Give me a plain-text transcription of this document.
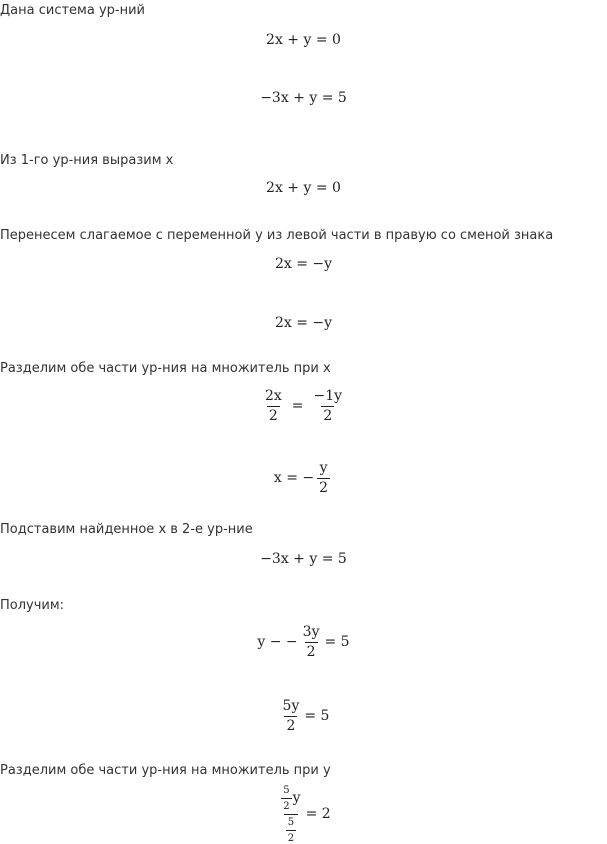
Дана система ур-ний
2x + y = 0
−3x + y = 5
Из 1-го ур-ния выразим x
2x + y = 0
Перенесем слагаемое с переменной y из левой части в правую со сменой знака
2x = −y
2x = −y
Разделим обе части ур-ния на множитель при x
$\frac{2x}{2} = \frac{-1y}{2}$
x = − $\frac{y}{2}$
Подставим найденное x в 2-е ур-ние
−3x + y = 5
Получим:
y − − $\frac{3y}{2} = 5$
$\frac{5y}{2} = 5$
Разделим обе части ур-ния на множитель при y
$\frac{\frac{5}{2} y}{\frac{5}{2}} = 2$
